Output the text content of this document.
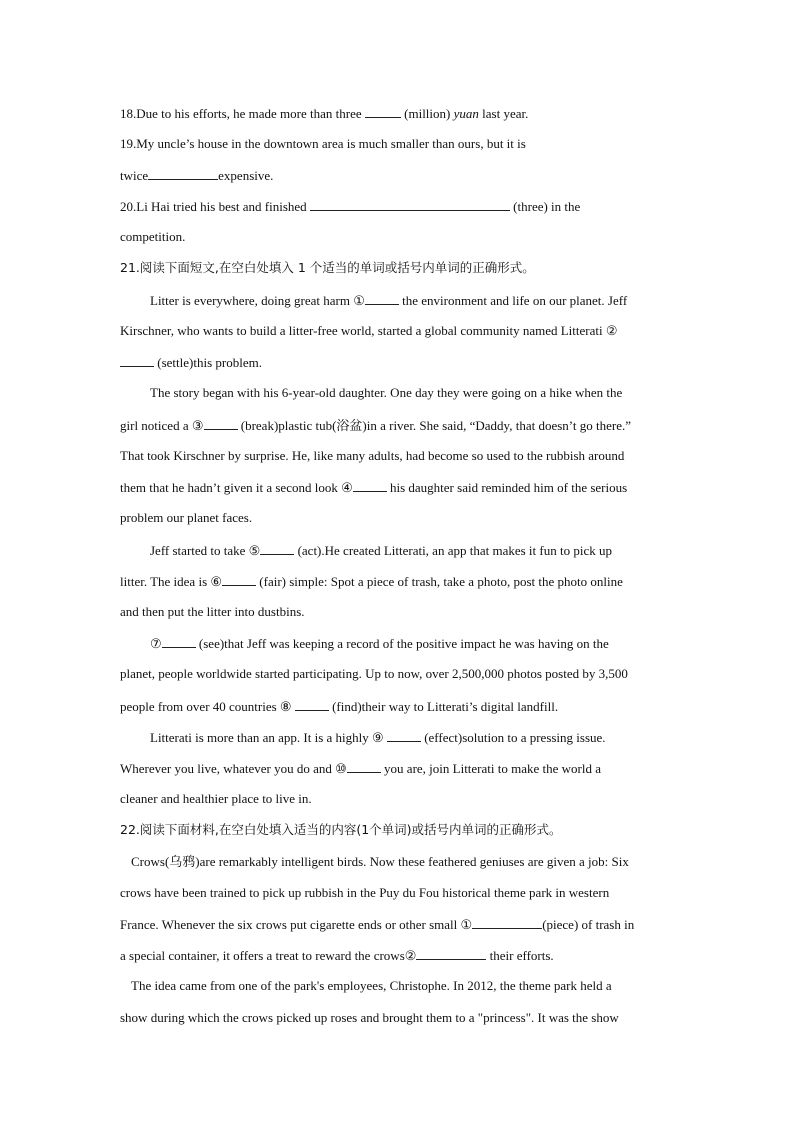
18.Due to his efforts, he made more than three	(million) yuan last year.
19.My uncle’s house in the downtown area is much smaller than ours, but it is
twice	expensive.
20.Li Hai tried his best and finished	(three) in the
competition.
21.阅读下面短文,在空白处填入 1 个适当的单词或括号内单词的正确形式。
Litter is everywhere, doing great harm ①	the environment and life on our planet. Jeff
Kirschner, who wants to build a litter-free world, started a global community named Litterati ②
(settle)this problem.
The story began with his 6-year-old daughter. One day they were going on a hike when the
girl noticed a ③	(break)plastic tub(浴盆)in a river. She said, “Daddy, that doesn’t go there.”
That took Kirschner by surprise. He, like many adults, had become so used to the rubbish around
them that he hadn’t given it a second look ④	his daughter said reminded him of the serious
problem our planet faces.
Jeff started to take ⑤	(act).He created Litterati, an app that makes it fun to pick up
litter. The idea is ⑥	(fair) simple: Spot a piece of trash, take a photo, post the photo online
and then put the litter into dustbins.
⑦	(see)that Jeff was keeping a record of the positive impact he was having on the
planet, people worldwide started participating. Up to now, over 2,500,000 photos posted by 3,500
people from over 40 countries ⑧	(find)their way to Litterati’s digital landfill.
Litterati is more than an app. It is a highly ⑨	(effect)solution to a pressing issue.
Wherever you live, whatever you do and ⑩	you are, join Litterati to make the world a
cleaner and healthier place to live in.
22.阅读下面材料,在空白处填入适当的内容(1个单词)或括号内单词的正确形式。
Crows(乌鸦)are remarkably intelligent birds. Now these feathered geniuses are given a job: Six
crows have been trained to pick up rubbish in the Puy du Fou historical theme park in western
France. Whenever the six crows put cigarette ends or other small ①	(piece) of trash in
a special container, it offers a treat to reward the crows②	their efforts.
The idea came from one of the park's employees, Christophe. In 2012, the theme park held a
show during which the crows picked up roses and brought them to a "princess". It was the show
